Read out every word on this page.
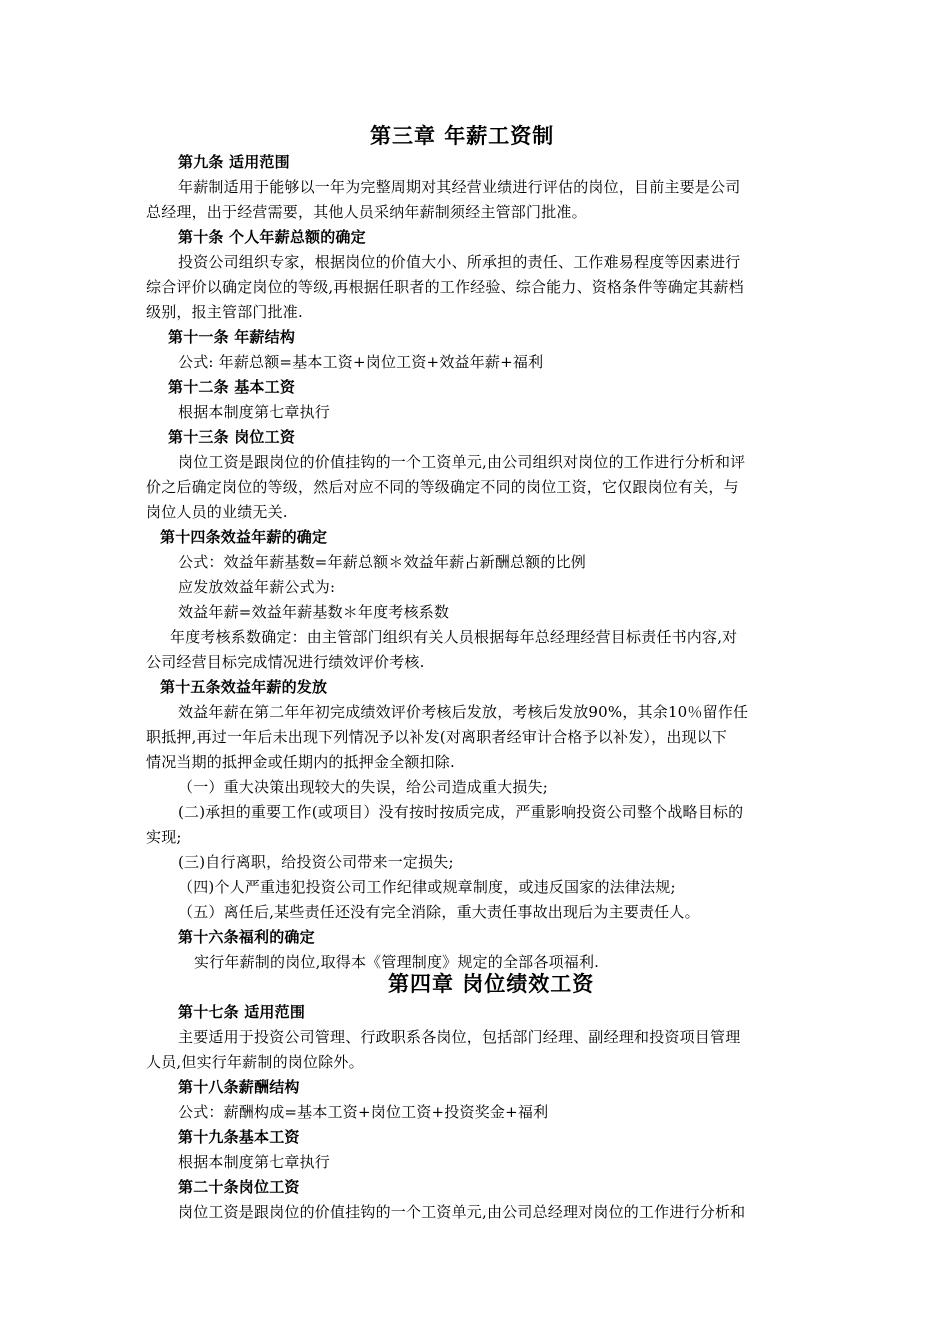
第三章 年薪工资制
第九条 适用范围
年薪制适用于能够以一年为完整周期对其经营业绩进行评估的岗位，目前主要是公司
总经理，出于经营需要，其他人员采纳年薪制须经主管部门批准。
第十条 个人年薪总额的确定
投资公司组织专家，根据岗位的价值大小、所承担的责任、工作难易程度等因素进行
综合评价以确定岗位的等级,再根据任职者的工作经验、综合能力、资格条件等确定其薪档
级别，报主管部门批准.
第十一条 年薪结构
公式: 年薪总额=基本工资+岗位工资+效益年薪+福利
第十二条 基本工资
根据本制度第七章执行
第十三条 岗位工资
岗位工资是跟岗位的价值挂钩的一个工资单元,由公司组织对岗位的工作进行分析和评
价之后确定岗位的等级，然后对应不同的等级确定不同的岗位工资，它仅跟岗位有关，与
岗位人员的业绩无关.
第十四条效益年薪的确定
公式：效益年薪基数=年薪总额＊效益年薪占新酬总额的比例
应发放效益年薪公式为:
效益年薪=效益年薪基数＊年度考核系数
年度考核系数确定：由主管部门组织有关人员根据每年总经理经营目标责任书内容,对
公司经营目标完成情况进行绩效评价考核.
第十五条效益年薪的发放
效益年薪在第二年年初完成绩效评价考核后发放，考核后发放90%，其余10％留作任
职抵押,再过一年后未出现下列情况予以补发(对离职者经审计合格予以补发），出现以下
情况当期的抵押金或任期内的抵押金全额扣除.
（一）重大决策出现较大的失误，给公司造成重大损失;
(二)承担的重要工作(或项目）没有按时按质完成，严重影响投资公司整个战略目标的
实现;
(三)自行离职，给投资公司带来一定损失;
（四)个人严重违犯投资公司工作纪律或规章制度，或违反国家的法律法规;
（五）离任后,某些责任还没有完全消除，重大责任事故出现后为主要责任人。
第十六条福利的确定
实行年薪制的岗位,取得本《管理制度》规定的全部各项福利.
第四章 岗位绩效工资
第十七条 适用范围
主要适用于投资公司管理、行政职系各岗位，包括部门经理、副经理和投资项目管理
人员,但实行年薪制的岗位除外。
第十八条薪酬结构
公式：薪酬构成=基本工资+岗位工资+投资奖金+福利
第十九条基本工资
根据本制度第七章执行
第二十条岗位工资
岗位工资是跟岗位的价值挂钩的一个工资单元,由公司总经理对岗位的工作进行分析和
